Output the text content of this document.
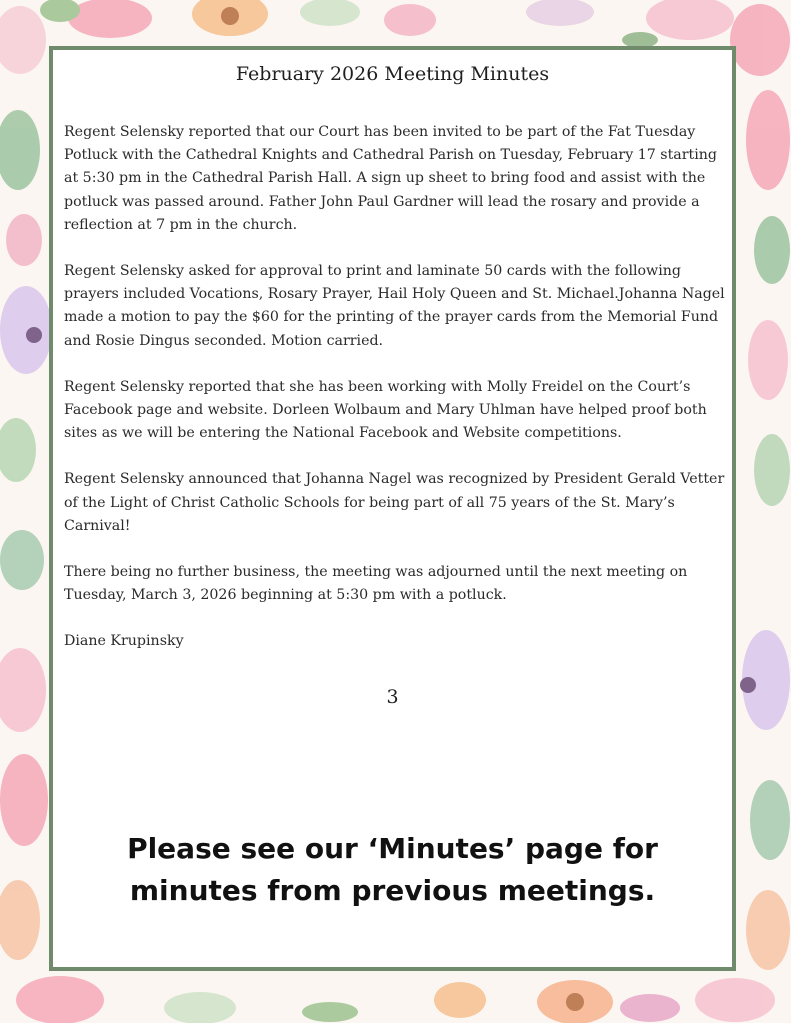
February 2026 Meeting Minutes

Regent Selensky reported that our Court has been invited to be part of the Fat Tuesday Potluck with the Cathedral Knights and Cathedral Parish on Tuesday, February 17 starting at 5:30 pm in the Cathedral Parish Hall. A sign up sheet to bring food and assist with the potluck was passed around. Father John Paul Gardner will lead the rosary and provide a reflection at 7 pm in the church.

Regent Selensky asked for approval to print and laminate 50 cards with the following prayers included Vocations, Rosary Prayer, Hail Holy Queen and St. Michael.Johanna Nagel made a motion to pay the $60 for the printing of the prayer cards from the Memorial Fund and Rosie Dingus seconded. Motion carried.

Regent Selensky reported that she has been working with Molly Freidel on the Court’s Facebook page and website. Dorleen Wolbaum and Mary Uhlman have helped proof both sites as we will be entering the National Facebook and Website competitions.

Regent Selensky announced that Johanna Nagel was recognized by President Gerald Vetter of the Light of Christ Catholic Schools for being part of all 75 years of the St. Mary’s Carnival!

There being no further business, the meeting was adjourned until the next meeting on Tuesday, March 3, 2026 beginning at 5:30 pm with a potluck.

Diane Krupinsky

3
Please see our ‘Minutes’ page for
minutes from previous meetings.
